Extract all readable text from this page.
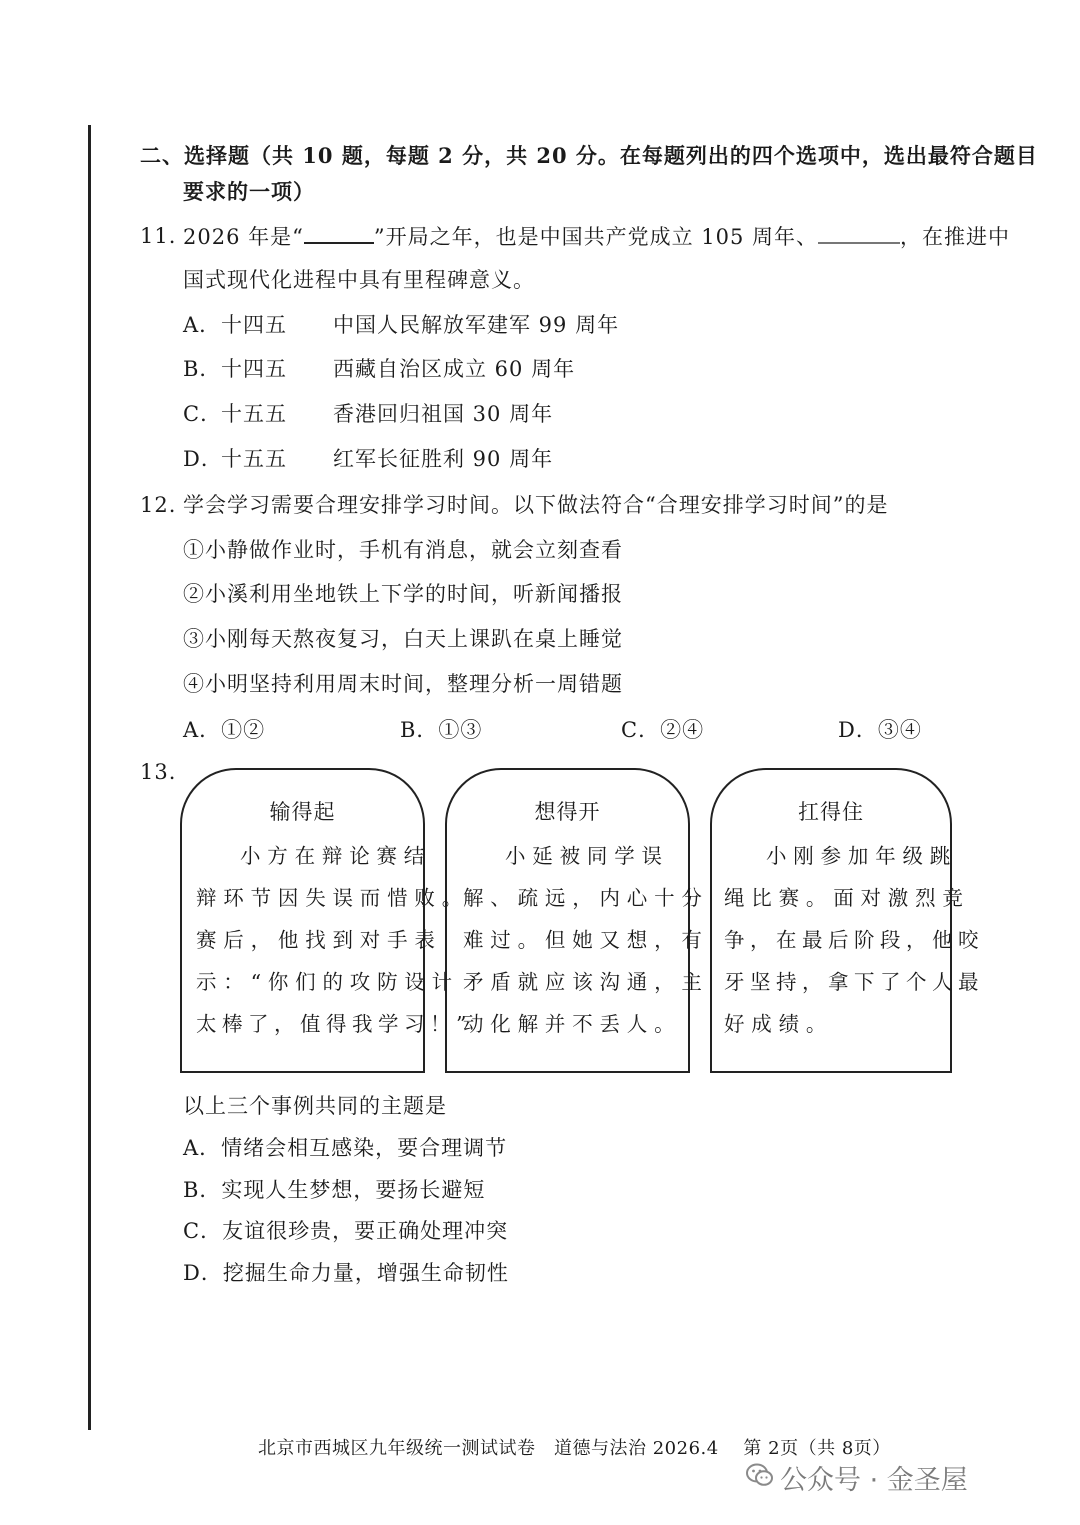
二、选择题（共 10 题，每题 2 分，共 20 分。在每题列出的四个选项中，选出最符合题目
要求的一项）
11. 2026 年是“	”开局之年，也是中国共产党成立 105 周年、	，在推进中
国式现代化进程中具有里程碑意义。
A．十四五 中国人民解放军建军 99 周年
B．十四五 西藏自治区成立 60 周年
C．十五五 香港回归祖国 30 周年
D．十五五 红军长征胜利 90 周年
12. 学会学习需要合理安排学习时间。以下做法符合“合理安排学习时间”的是
①小静做作业时，手机有消息，就会立刻查看
②小溪利用坐地铁上下学的时间，听新闻播报
③小刚每天熬夜复习，白天上课趴在桌上睡觉
④小明坚持利用周末时间，整理分析一周错题
A．①②	B．①③	C．②④	D．③④
13.
输得起
小方在辩论赛结
辩环节因失误而惜败。
赛后，他找到对手表
示：“你们的攻防设计
太棒了，值得我学习！”
想得开
小延被同学误
解、疏远，内心十分
难过。但她又想，有
矛盾就应该沟通，主
动化解并不丢人。
扛得住
小刚参加年级跳
绳比赛。面对激烈竞
争，在最后阶段，他咬
牙坚持，拿下了个人最
好成绩。
以上三个事例共同的主题是
A．情绪会相互感染，要合理调节
B．实现人生梦想，要扬长避短
C．友谊很珍贵，要正确处理冲突
D．挖掘生命力量，增强生命韧性
北京市西城区九年级统一测试试卷　道德与法治 2026.4　 第 2页（共 8页）
公众号 · 金圣屋
